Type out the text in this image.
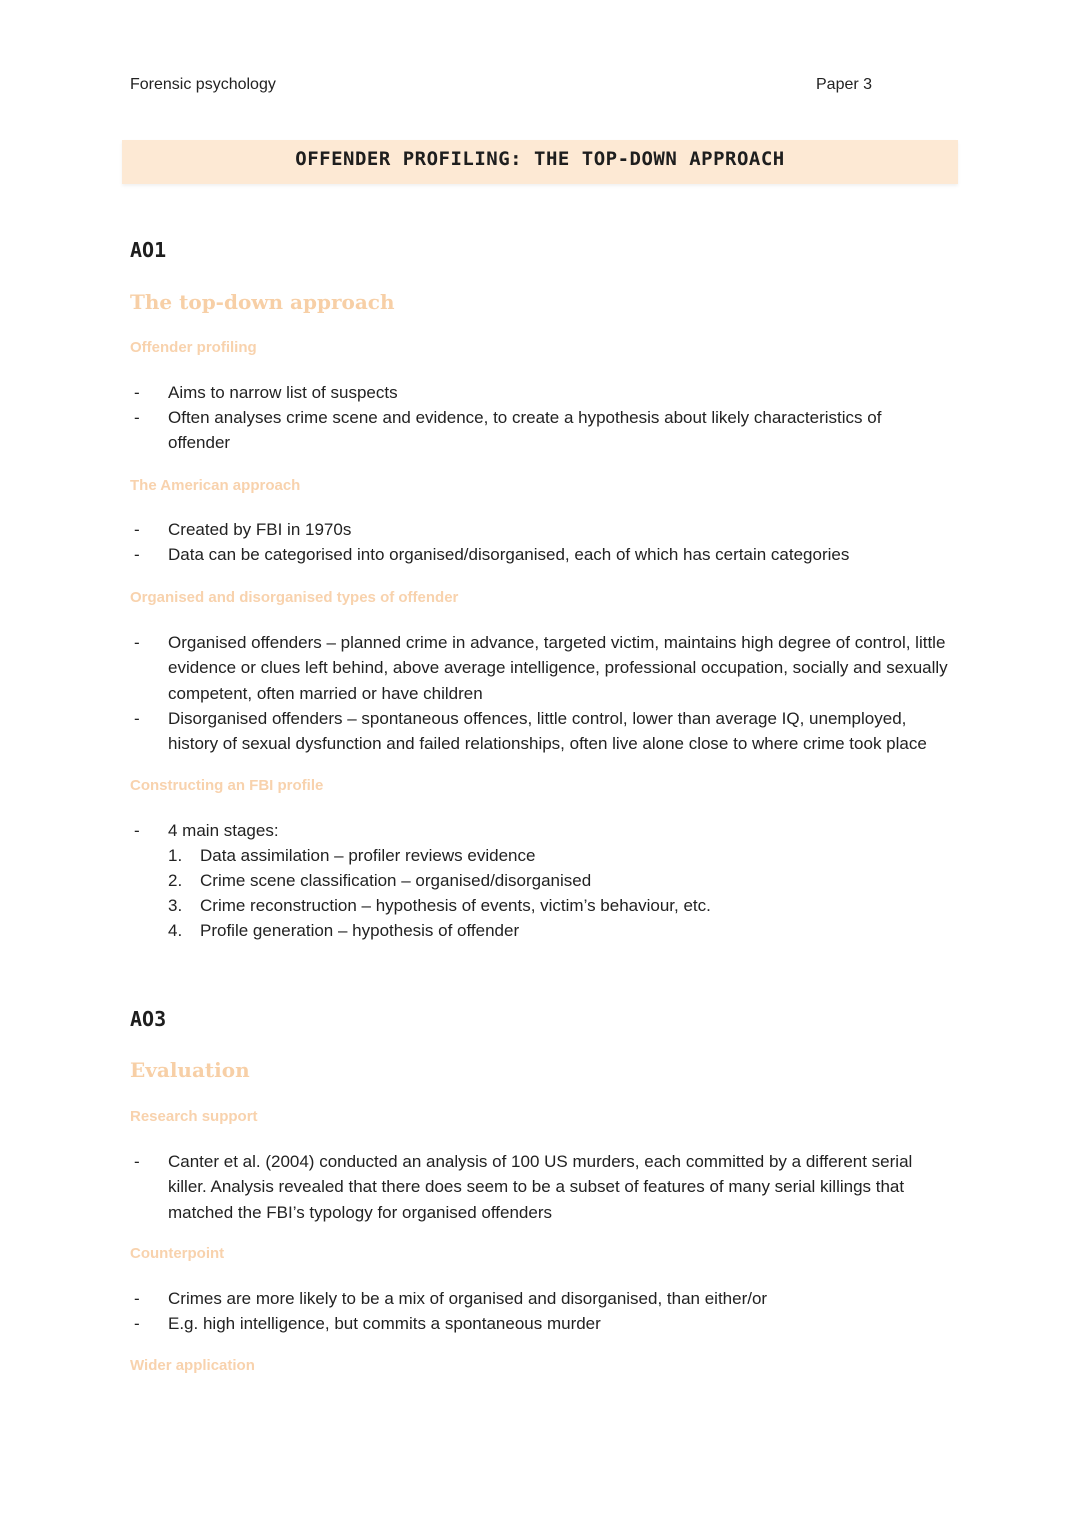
Forensic psychology	Paper 3
OFFENDER PROFILING: THE TOP-DOWN APPROACH
AO1
The top-down approach
Offender profiling
- Aims to narrow list of suspects
- Often analyses crime scene and evidence, to create a hypothesis about likely characteristics of offender
The American approach
- Created by FBI in 1970s
- Data can be categorised into organised/disorganised, each of which has certain categories
Organised and disorganised types of offender
- Organised offenders – planned crime in advance, targeted victim, maintains high degree of control, little evidence or clues left behind, above average intelligence, professional occupation, socially and sexually competent, often married or have children
- Disorganised offenders – spontaneous offences, little control, lower than average IQ, unemployed, history of sexual dysfunction and failed relationships, often live alone close to where crime took place
Constructing an FBI profile
- 4 main stages:
1. Data assimilation – profiler reviews evidence
2. Crime scene classification – organised/disorganised
3. Crime reconstruction – hypothesis of events, victim’s behaviour, etc.
4. Profile generation – hypothesis of offender
AO3
Evaluation
Research support
- Canter et al. (2004) conducted an analysis of 100 US murders, each committed by a different serial killer. Analysis revealed that there does seem to be a subset of features of many serial killings that matched the FBI’s typology for organised offenders
Counterpoint
- Crimes are more likely to be a mix of organised and disorganised, than either/or
- E.g. high intelligence, but commits a spontaneous murder
Wider application
